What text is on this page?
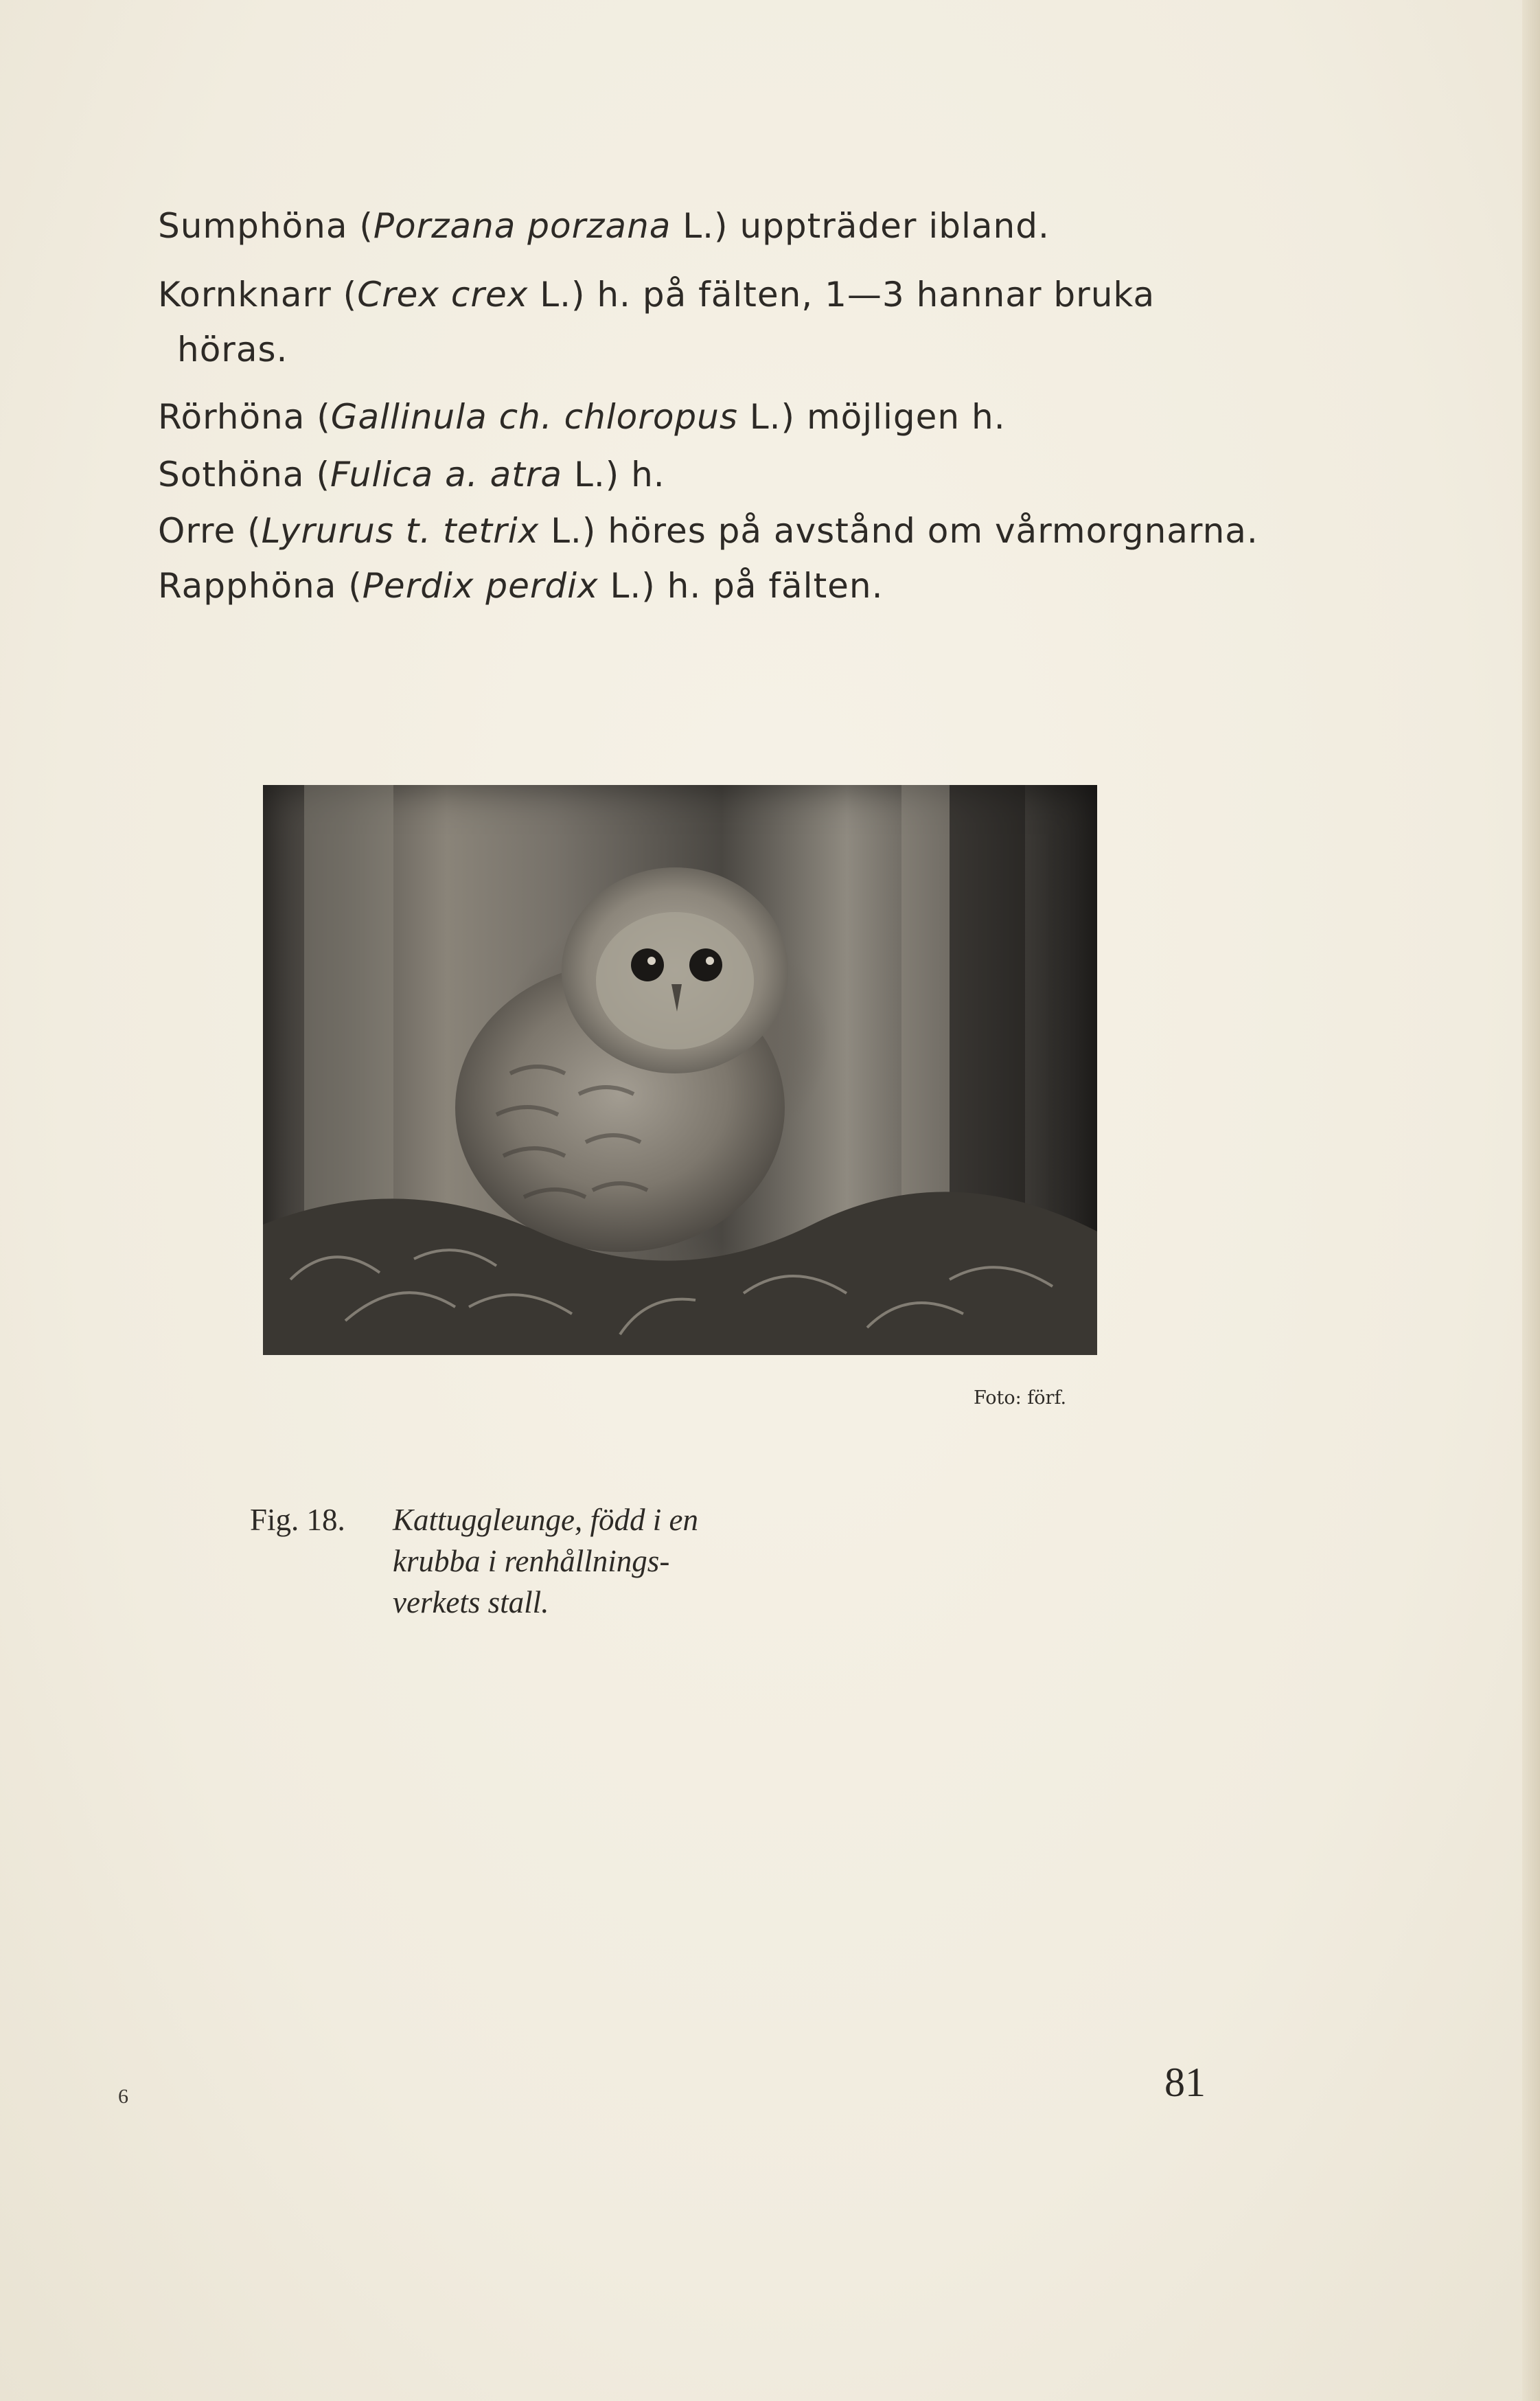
Sumphöna (Porzana porzana L.) uppträder ibland.
Kornknarr (Crex crex L.) h. på fälten, 1—3 hannar bruka
höras.
Rörhöna (Gallinula ch. chloropus L.) möjligen h.
Sothöna (Fulica a. atra L.) h.
Orre (Lyrurus t. tetrix L.) höres på avstånd om vårmorgnarna.
Rapphöna (Perdix perdix L.) h. på fälten.
Foto: förf.
Fig. 18. Kattuggleunge, född i en
krubba i renhållnings-
verkets stall.
6	81
